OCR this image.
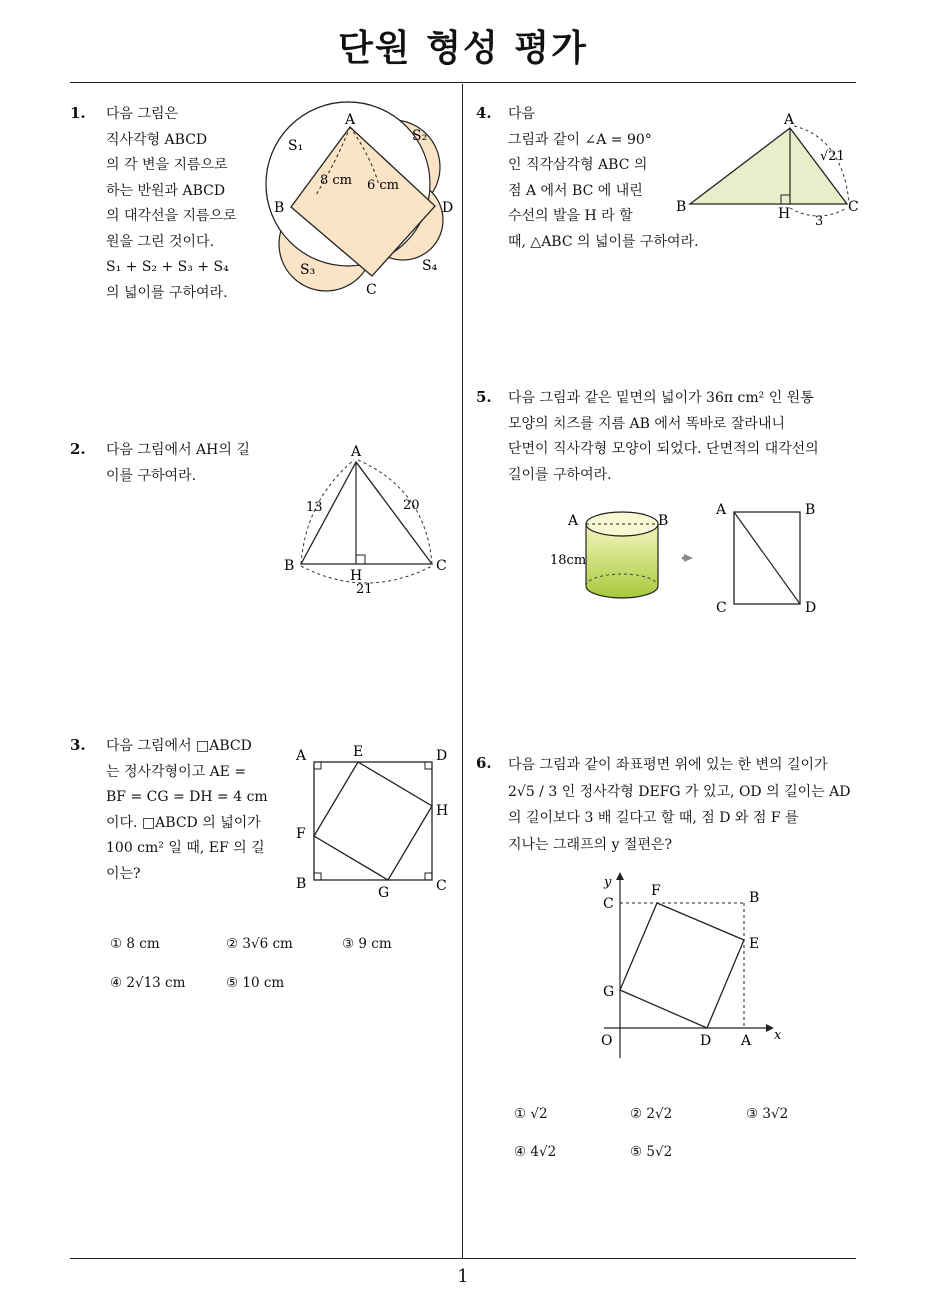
단원 형성 평가
1
1. 다음 그림은
직사각형 ABCD
의 각 변을 지름으로
하는 반원과 ABCD
의 대각선을 지름으로
원을 그린 것이다.
S₁ + S₂ + S₃ + S₄
의 넓이를 구하여라.
A
B
C
D
S₁
S₂
S₃	S₄
8 cm 6 cm
2. 다음 그림에서 AH의 길
이를 구하여라.
A
B	C
H
13	20
21
3. 다음 그림에서 □ABCD
는 정사각형이고 AE =
BF = CG = DH = 4 cm
이다. □ABCD 의 넓이가
100 cm² 일 때, EF 의 길
이는?
A	E	D
H
F
B
G	C
① 8 cm	② 3√6 cm	③ 9 cm
④ 2√13 cm	⑤ 10 cm
4. 다음
그림과 같이 ∠A = 90°
인 직각삼각형 ABC 의
점 A 에서 BC 에 내린
수선의 발을 H 라 할
때, △ABC 의 넓이를 구하여라.
A
B	H	C
√21
3
5. 다음 그림과 같은 밑면의 넓이가 36π cm² 인 원통
모양의 치즈를 지름 AB 에서 똑바로 잘라내니
단면이 직사각형 모양이 되었다. 단면적의 대각선의
길이를 구하여라.
A	B
18cm
A	B
C	D
6. 다음 그림과 같이 좌표평면 위에 있는 한 변의 길이가
2√5 / 3 인 정사각형 DEFG 가 있고, OD 의 길이는 AD
의 길이보다 3 배 길다고 할 때, 점 D 와 점 F 를
지나는 그래프의 y 절편은?
y
x
F	B
C
E
G
O	D A
① √2	② 2√2	③ 3√2
④ 4√2	⑤ 5√2
